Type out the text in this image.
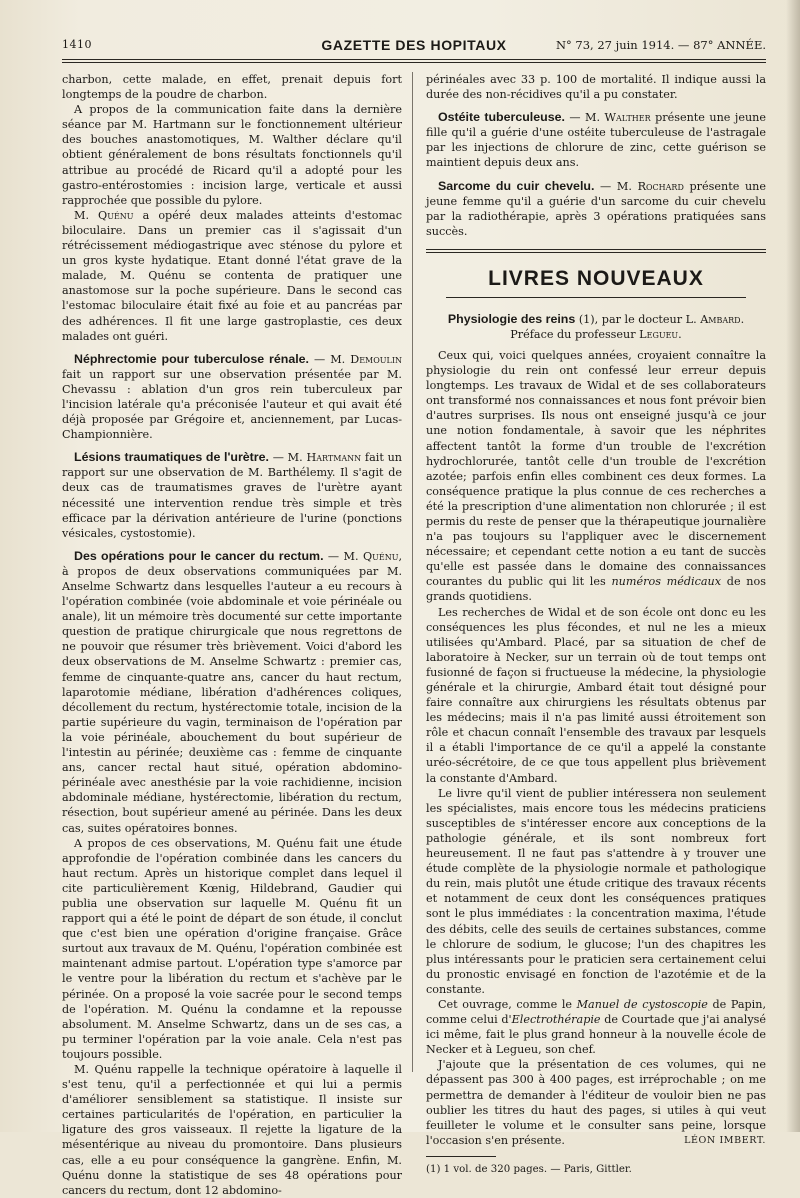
1410	GAZETTE DES HOPITAUX	N° 73, 27 juin 1914. — 87° ANNÉE.

charbon, cette malade, en effet, prenait depuis fort longtemps de la poudre de charbon.

A propos de la communication faite dans la dernière séance par M. Hartmann sur le fonctionnement ultérieur des bouches anastomotiques, M. Walther déclare qu'il obtient généralement de bons résultats fonctionnels qu'il attribue au procédé de Ricard qu'il a adopté pour les gastro-entérostomies : incision large, verticale et aussi rapprochée que possible du pylore.

M. Quénu a opéré deux malades atteints d'estomac biloculaire. Dans un premier cas il s'agissait d'un rétrécissement médiogastrique avec sténose du pylore et un gros kyste hydatique. Etant donné l'état grave de la malade, M. Quénu se contenta de pratiquer une anastomose sur la poche supérieure. Dans le second cas l'estomac biloculaire était fixé au foie et au pancréas par des adhérences. Il fit une large gastroplastie, ces deux malades ont guéri.

Néphrectomie pour tuberculose rénale. — M. Demoulin fait un rapport sur une observation présentée par M. Chevassu : ablation d'un gros rein tuberculeux par l'incision latérale qu'a préconisée l'auteur et qui avait été déjà proposée par Grégoire et, anciennement, par Lucas-Championnière.

Lésions traumatiques de l'urètre. — M. Hartmann fait un rapport sur une observation de M. Barthélemy. Il s'agit de deux cas de traumatismes graves de l'urètre ayant nécessité une intervention rendue très simple et très efficace par la dérivation antérieure de l'urine (ponctions vésicales, cystostomie).

Des opérations pour le cancer du rectum. — M. Quénu, à propos de deux observations communiquées par M. Anselme Schwartz dans lesquelles l'auteur a eu recours à l'opération combinée (voie abdominale et voie périnéale ou anale), lit un mémoire très documenté sur cette importante question de pratique chirurgicale que nous regrettons de ne pouvoir que résumer très brièvement. Voici d'abord les deux observations de M. Anselme Schwartz : premier cas, femme de cinquante-quatre ans, cancer du haut rectum, laparotomie médiane, libération d'adhérences coliques, décollement du rectum, hystérectomie totale, incision de la partie supérieure du vagin, terminaison de l'opération par la voie périnéale, abouchement du bout supérieur de l'intestin au périnée; deuxième cas : femme de cinquante ans, cancer rectal haut situé, opération abdomino-périnéale avec anesthésie par la voie rachidienne, incision abdominale médiane, hystérectomie, libération du rectum, résection, bout supérieur amené au périnée. Dans les deux cas, suites opératoires bonnes.

A propos de ces observations, M. Quénu fait une étude approfondie de l'opération combinée dans les cancers du haut rectum. Après un historique complet dans lequel il cite particulièrement Kœnig, Hildebrand, Gaudier qui publia une observation sur laquelle M. Quénu fit un rapport qui a été le point de départ de son étude, il conclut que c'est bien une opération d'origine française. Grâce surtout aux travaux de M. Quénu, l'opération combinée est maintenant admise partout. L'opération type s'amorce par le ventre pour la libération du rectum et s'achève par le périnée. On a proposé la voie sacrée pour le second temps de l'opération. M. Quénu la condamne et la repousse absolument. M. Anselme Schwartz, dans un de ses cas, a pu terminer l'opération par la voie anale. Cela n'est pas toujours possible.

M. Quénu rappelle la technique opératoire à laquelle il s'est tenu, qu'il a perfectionnée et qui lui a permis d'améliorer sensiblement sa statistique. Il insiste sur certaines particularités de l'opération, en particulier la ligature des gros vaisseaux. Il rejette la ligature de la mésentérique au niveau du promontoire. Dans plusieurs cas, elle a eu pour conséquence la gangrène. Enfin, M. Quénu donne la statistique de ses 48 opérations pour cancers du rectum, dont 12 abdomino-

périnéales avec 33 p. 100 de mortalité. Il indique aussi la durée des non-récidives qu'il a pu constater.

Ostéite tuberculeuse. — M. Walther présente une jeune fille qu'il a guérie d'une ostéite tuberculeuse de l'astragale par les injections de chlorure de zinc, cette guérison se maintient depuis deux ans.

Sarcome du cuir chevelu. — M. Rochard présente une jeune femme qu'il a guérie d'un sarcome du cuir chevelu par la radiothérapie, après 3 opérations pratiquées sans succès.

LIVRES NOUVEAUX
Physiologie des reins (1), par le docteur L. Ambard.
Préface du professeur Legueu.

Ceux qui, voici quelques années, croyaient connaître la physiologie du rein ont confessé leur erreur depuis longtemps. Les travaux de Widal et de ses collaborateurs ont transformé nos connaissances et nous font prévoir bien d'autres surprises. Ils nous ont enseigné jusqu'à ce jour une notion fondamentale, à savoir que les néphrites affectent tantôt la forme d'un trouble de l'excrétion hydrochlorurée, tantôt celle d'un trouble de l'excrétion azotée; parfois enfin elles combinent ces deux formes. La conséquence pratique la plus connue de ces recherches a été la prescription d'une alimentation non chlorurée ; il est permis du reste de penser que la thérapeutique journalière n'a pas toujours su l'appliquer avec le discernement nécessaire; et cependant cette notion a eu tant de succès qu'elle est passée dans le domaine des connaissances courantes du public qui lit les numéros médicaux de nos grands quotidiens.

Les recherches de Widal et de son école ont donc eu les conséquences les plus fécondes, et nul ne les a mieux utilisées qu'Ambard. Placé, par sa situation de chef de laboratoire à Necker, sur un terrain où de tout temps ont fusionné de façon si fructueuse la médecine, la physiologie générale et la chirurgie, Ambard était tout désigné pour faire connaître aux chirurgiens les résultats obtenus par les médecins; mais il n'a pas limité aussi étroitement son rôle et chacun connaît l'ensemble des travaux par lesquels il a établi l'importance de ce qu'il a appelé la constante uréo-sécrétoire, de ce que tous appellent plus brièvement la constante d'Ambard.

Le livre qu'il vient de publier intéressera non seulement les spécialistes, mais encore tous les médecins praticiens susceptibles de s'intéresser encore aux conceptions de la pathologie générale, et ils sont nombreux fort heureusement. Il ne faut pas s'attendre à y trouver une étude complète de la physiologie normale et pathologique du rein, mais plutôt une étude critique des travaux récents et notamment de ceux dont les conséquences pratiques sont le plus immédiates : la concentration maxima, l'étude des débits, celle des seuils de certaines substances, comme le chlorure de sodium, le glucose; l'un des chapitres les plus intéressants pour le praticien sera certainement celui du pronostic envisagé en fonction de l'azotémie et de la constante.

Cet ouvrage, comme le Manuel de cystoscopie de Papin, comme celui d'Electrothérapie de Courtade que j'ai analysé ici même, fait le plus grand honneur à la nouvelle école de Necker et à Legueu, son chef.

J'ajoute que la présentation de ces volumes, qui ne dépassent pas 300 à 400 pages, est irréprochable ; on me permettra de demander à l'éditeur de vouloir bien ne pas oublier les titres du haut des pages, si utiles à qui veut feuilleter le volume et le consulter sans peine, lorsque l'occasion s'en présente.	LÉON IMBERT.

(1) 1 vol. de 320 pages. — Paris, Gittler.
